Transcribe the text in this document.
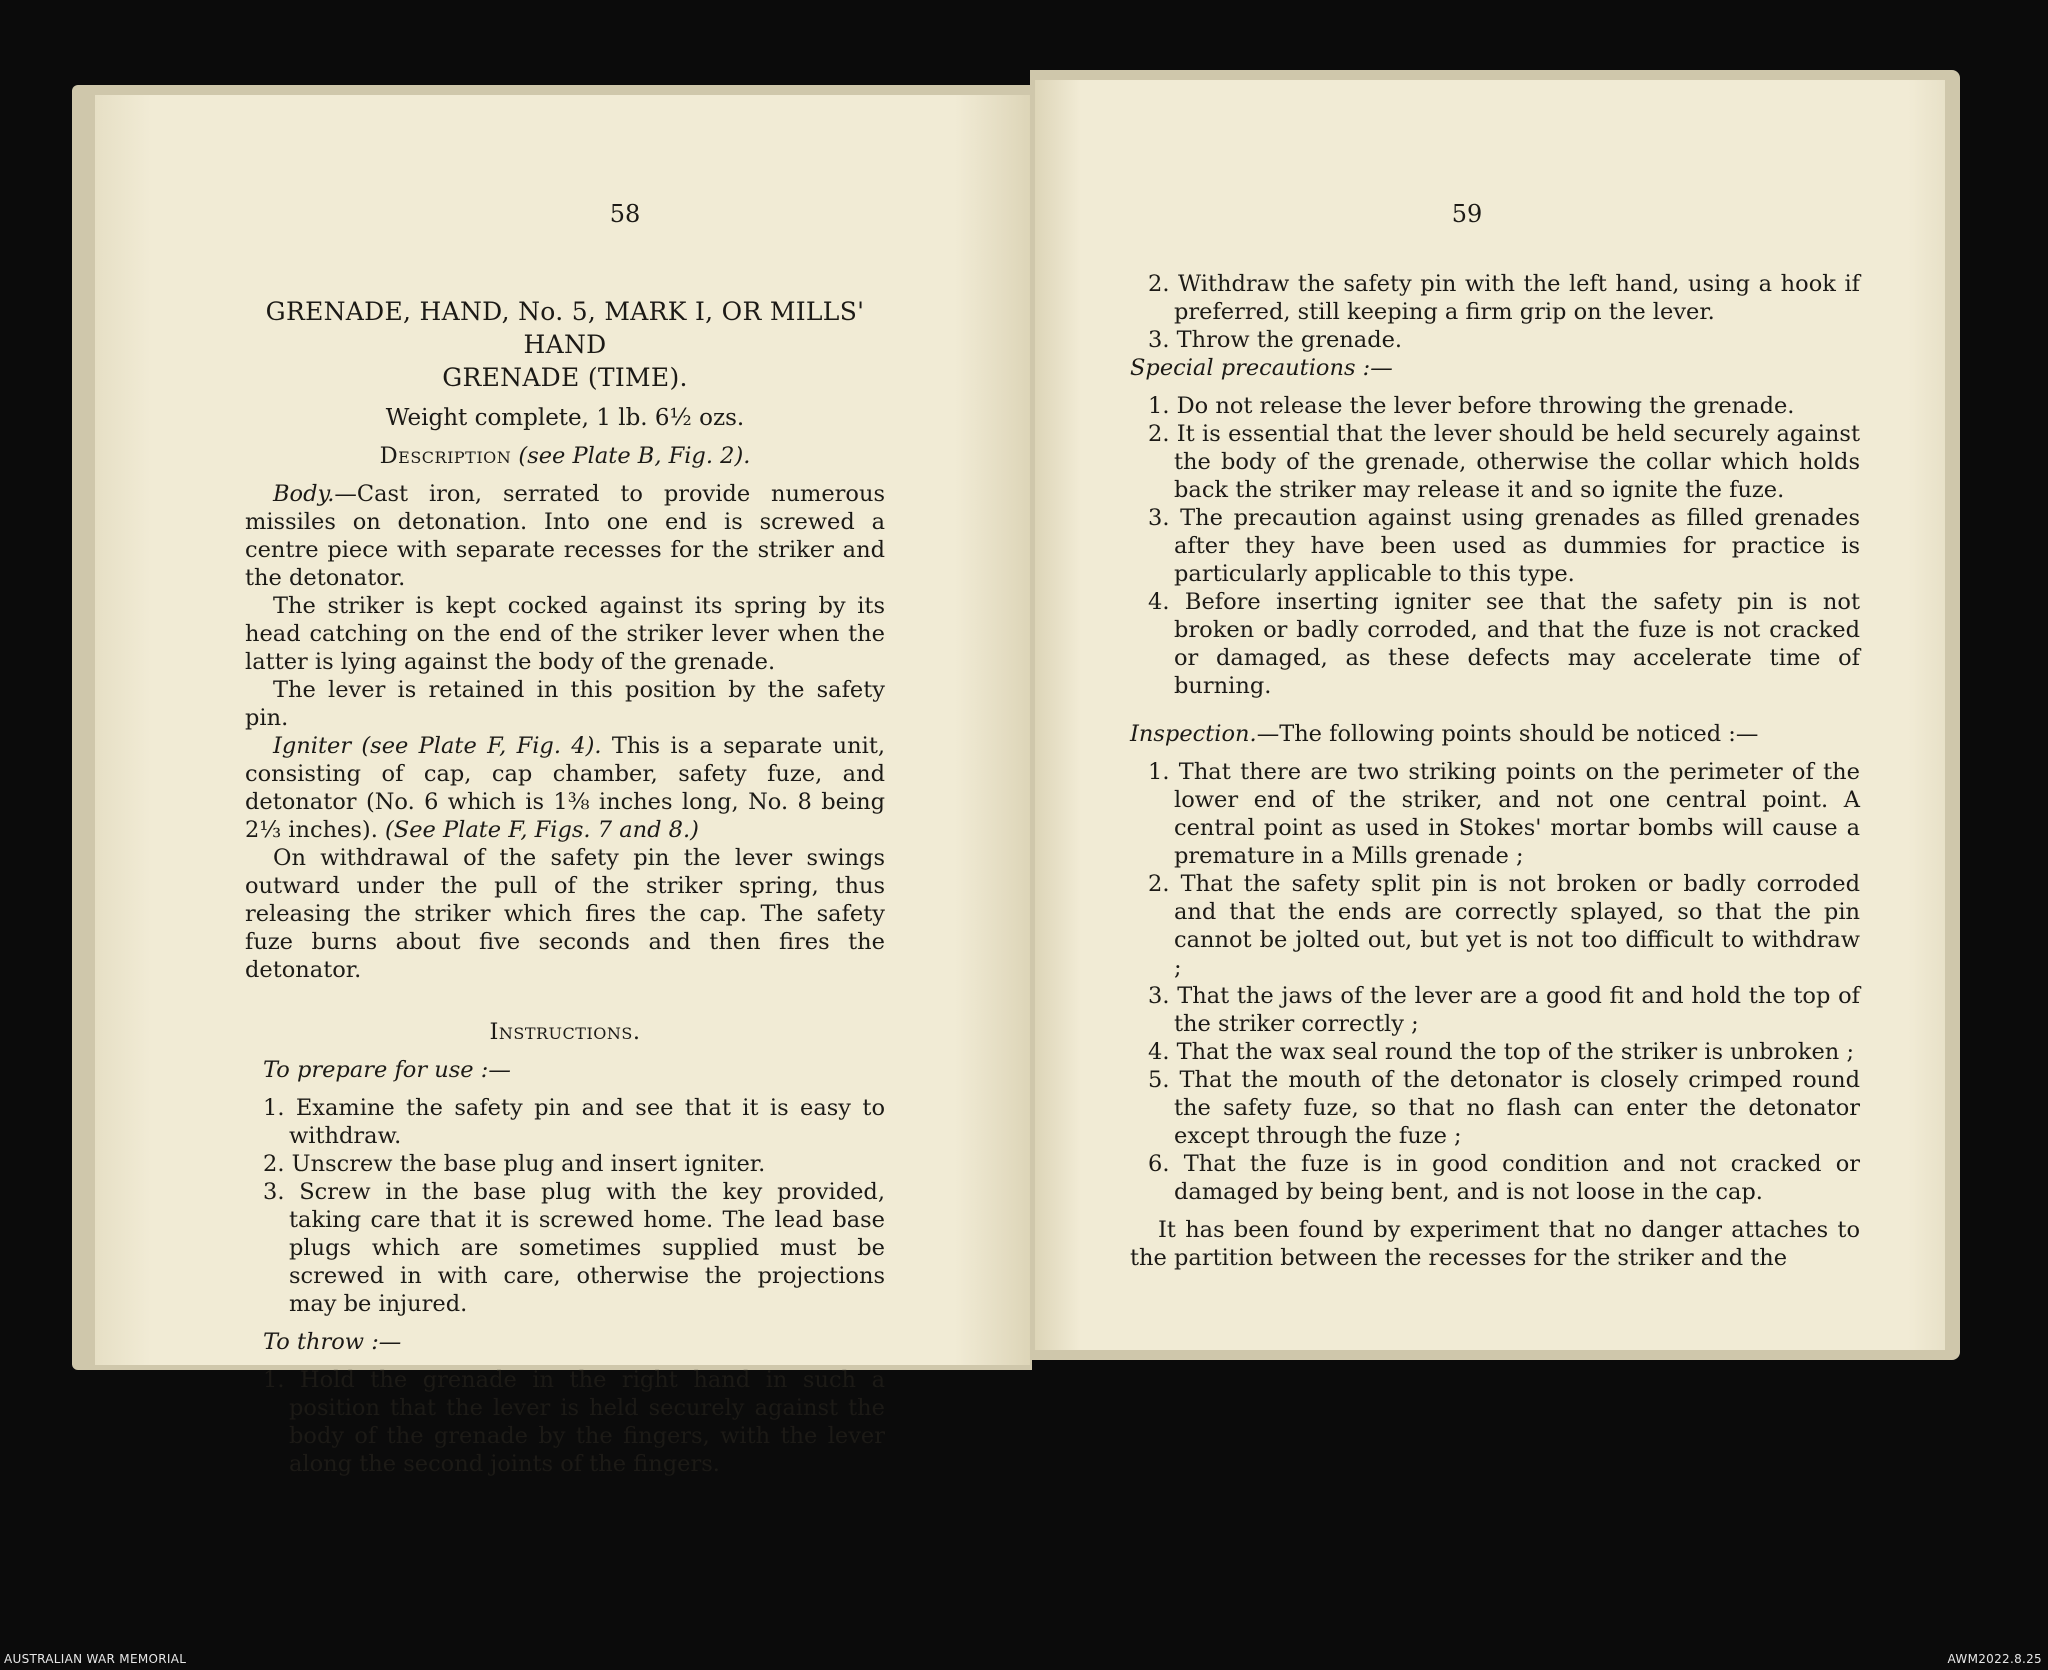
58
GRENADE, HAND, No. 5, MARK I, OR MILLS' HAND
GRENADE (TIME).
Weight complete, 1 lb. 6½ ozs.
Description (see Plate B, Fig. 2).

Body.—Cast iron, serrated to provide numerous missiles on detonation. Into one end is screwed a centre piece with separate recesses for the striker and the detonator.

The striker is kept cocked against its spring by its head catching on the end of the striker lever when the latter is lying against the body of the grenade.

The lever is retained in this position by the safety pin.

Igniter (see Plate F, Fig. 4). This is a separate unit, consisting of cap, cap chamber, safety fuze, and detonator (No. 6 which is 1⅜ inches long, No. 8 being 2⅓ inches). (See Plate F, Figs. 7 and 8.)

On withdrawal of the safety pin the lever swings outward under the pull of the striker spring, thus releasing the striker which fires the cap. The safety fuze burns about five seconds and then fires the detonator.

Instructions.
To prepare for use :—

1. Examine the safety pin and see that it is easy to withdraw.

2. Unscrew the base plug and insert igniter.

3. Screw in the base plug with the key provided, taking care that it is screwed home. The lead base plugs which are sometimes supplied must be screwed in with care, otherwise the projections may be injured.

To throw :—

1. Hold the grenade in the right hand in such a position that the lever is held securely against the body of the grenade by the fingers, with the lever along the second joints of the fingers.

59

2. Withdraw the safety pin with the left hand, using a hook if preferred, still keeping a firm grip on the lever.

3. Throw the grenade.

Special precautions :—

1. Do not release the lever before throwing the grenade.

2. It is essential that the lever should be held securely against the body of the grenade, otherwise the collar which holds back the striker may release it and so ignite the fuze.

3. The precaution against using grenades as filled grenades after they have been used as dummies for practice is particularly applicable to this type.

4. Before inserting igniter see that the safety pin is not broken or badly corroded, and that the fuze is not cracked or damaged, as these defects may accelerate time of burning.

Inspection.—The following points should be noticed :—

1. That there are two striking points on the perimeter of the lower end of the striker, and not one central point. A central point as used in Stokes' mortar bombs will cause a premature in a Mills grenade ;

2. That the safety split pin is not broken or badly corroded and that the ends are correctly splayed, so that the pin cannot be jolted out, but yet is not too difficult to withdraw ;

3. That the jaws of the lever are a good fit and hold the top of the striker correctly ;

4. That the wax seal round the top of the striker is unbroken ;

5. That the mouth of the detonator is closely crimped round the safety fuze, so that no flash can enter the detonator except through the fuze ;

6. That the fuze is in good condition and not cracked or damaged by being bent, and is not loose in the cap.

It has been found by experiment that no danger attaches to the partition between the recesses for the striker and the

AUSTRALIAN WAR MEMORIAL	AWM2022.8.25
